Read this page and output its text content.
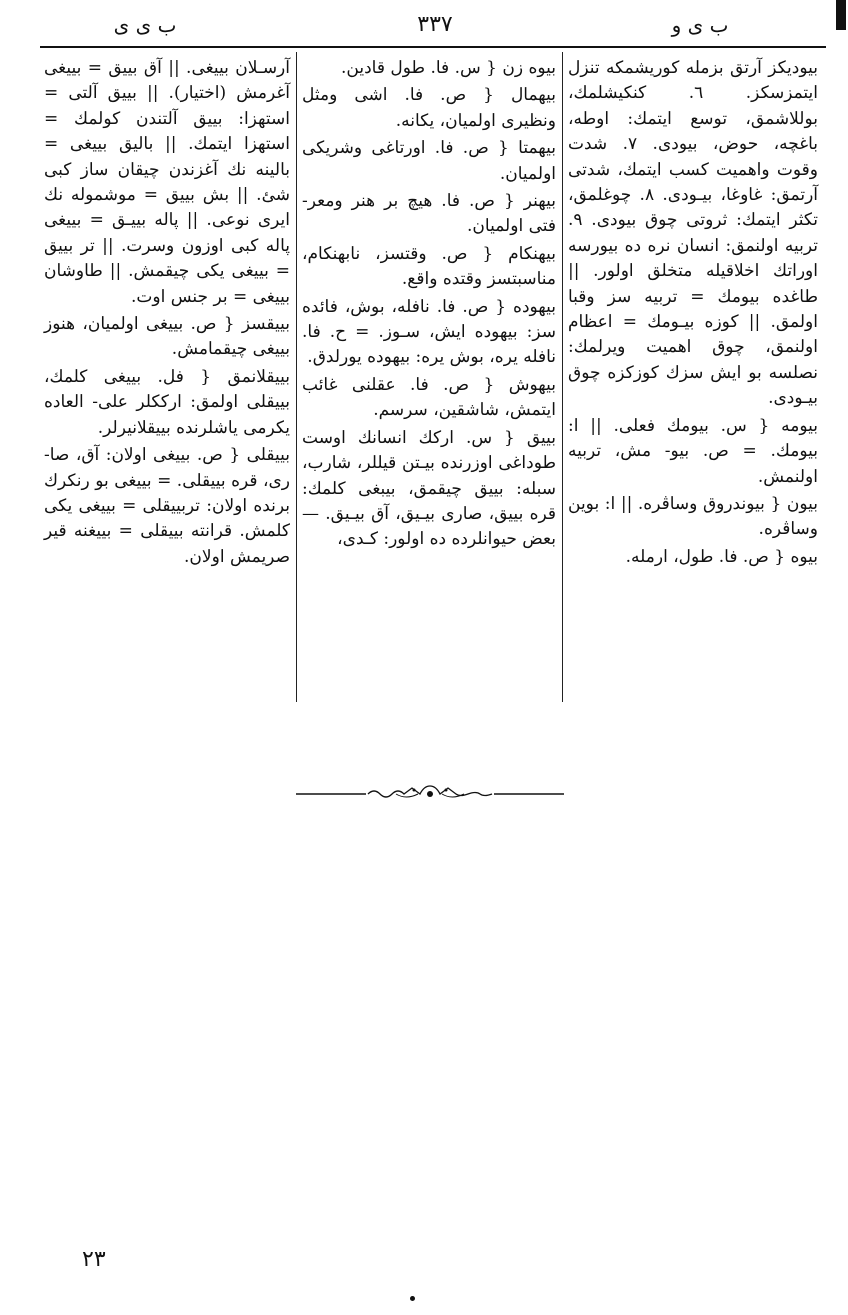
ب ى و
٣٣٧
ب ى ى

بيوديكز آرتق بزمله كوريشمكه تنزل ايتمزسكز. ٦. كنكيشلمك، بوللاشمق، توسع ايتمك: اوطه، باغچه، حوض، بيودى. ٧. شدت وقوت واهميت كسب ايتمك، شدتى آرتمق: غاوغا، بيـودى. ٨. چوغلمق، تكثر ايتمك: ثروتى چوق بيودى. ٩. تربيه اولنمق: انسان نره ده بيورسه اوراتك اخلاقيله متخلق اولور. || طاغده بيومك = تربيه سز وقبا اولمق. || كوزه بيـومك = اعظام اولنمق، چوق اهميت ويرلمك: نصلسه بو ايش سزك كوزكزه چوق بيـودى.

بيومه { س. بيومك فعلى. || ا: بيومك. = ص. بيو- مش، تربيه اولنمش.

بيون { بيوندروق وساڤره. || ا: بوين وساڤره.

بيوه { ص. فا. طول، ارمله.

بيوه زن { س. فا. طول قادين.

بيهمال { ص. فا. اشى ومثل ونظيرى اولميان، يكانه.

بيهمتا { ص. فا. اورتاغى وشريكى اولميان.

بيهنر { ص. فا. هيچ بر هنر ومعر- فتى اولميان.

بيهنكام { ص. وقتسز، نابهنكام، مناسبتسز وقتده واقع.

بيهوده { ص. فا. نافله، بوش، فائده سز: بيهوده ايش، سـوز. = ح. فا. نافله يره، بوش يره: بيهوده يورلدق.

بيهوش { ص. فا. عقلنى غائب ايتمش، شاشقين، سرسم.

بييق { س. اركك انسانك اوست طوداغى اوزرنده بيـتن قيللر، شارب، سبله: بييق چيقمق، بيبغى كلمك: قره بييق، صارى بيـيق، آق بيـيق. — بعض حيوانلرده ده اولور: كـدى،

آرسـلان بييغى. || آق بييق = بييغى آغرمش (اختيار). || بييق آلتى = استهزا: بييق آلتندن كولمك = استهزا ايتمك. || باليق بييغى = بالينه نك آغزندن چيقان ساز كبى شئ. || بش بييق = موشموله نك ايرى نوعى. || پاله بييـق = بييغى پاله كبى اوزون وسرت. || تر بييق = بييغى يكى چيقمش. || طاوشان بييغى = بر جنس اوت.

بييقسز { ص. بييغى اولميان، هنوز بييغى چيقمامش.

بييقلانمق { فل. بييغى كلمك، بييقلى اولمق: ارككلر على- العاده يكرمى ياشلرنده بييقلانيرلر.

بييقلى { ص. بييغى اولان: آق، صا- رى، قره بييقلى. = بييغى بو رنكرك برنده اولان: تربييقلى = بييغى يكى كلمش. قرانته بييقلى = بييغنه قير صريمش اولان.

٢٣
